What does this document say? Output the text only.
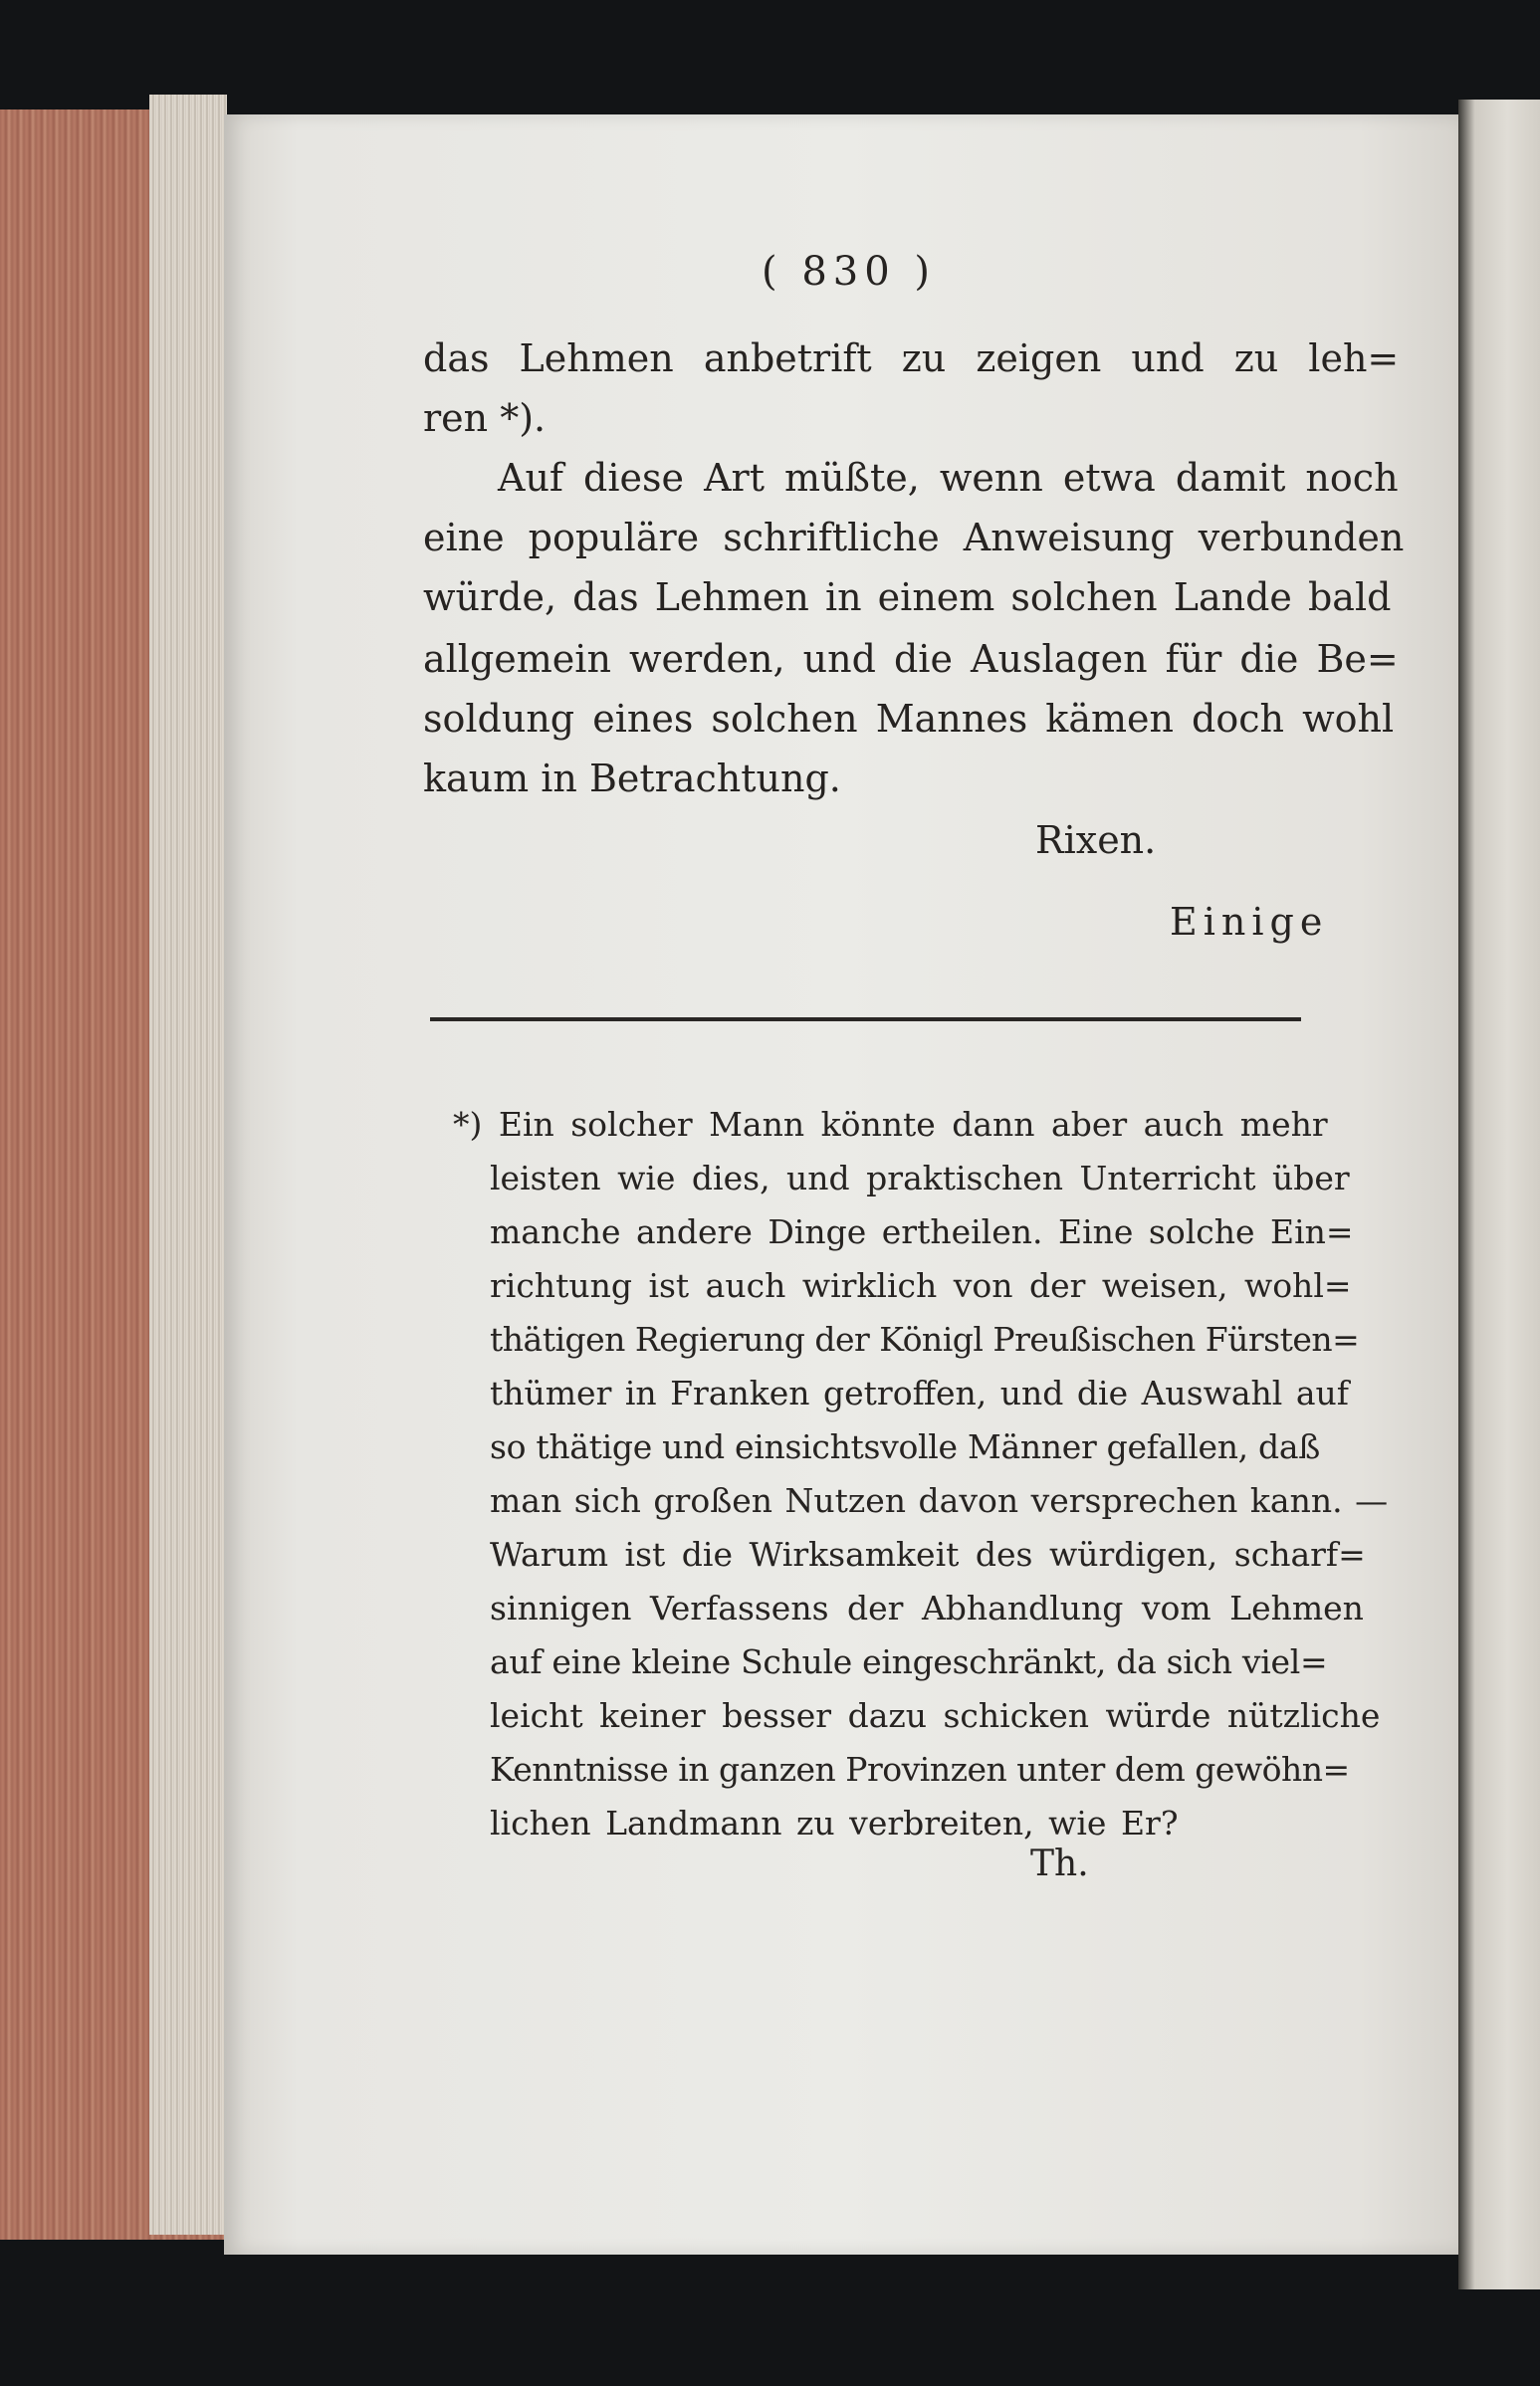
( 830 )
das Lehmen anbetrift zu zeigen und zu leh=
ren *).
Auf diese Art müßte, wenn etwa damit noch
eine populäre schriftliche Anweisung verbunden
würde, das Lehmen in einem solchen Lande bald
allgemein werden, und die Auslagen für die Be=
soldung eines solchen Mannes kämen doch wohl
kaum in Betrachtung.
Rixen.
Einige
*) Ein solcher Mann könnte dann aber auch mehr
leisten wie dies, und praktischen Unterricht über
manche andere Dinge ertheilen. Eine solche Ein=
richtung ist auch wirklich von der weisen, wohl=
thätigen Regierung der Königl Preußischen Fürsten=
thümer in Franken getroffen, und die Auswahl auf
so thätige und einsichtsvolle Männer gefallen, daß
man sich großen Nutzen davon versprechen kann. —
Warum ist die Wirksamkeit des würdigen, scharf=
sinnigen Verfassens der Abhandlung vom Lehmen
auf eine kleine Schule eingeschränkt, da sich viel=
leicht keiner besser dazu schicken würde nützliche
Kenntnisse in ganzen Provinzen unter dem gewöhn=
lichen Landmann zu verbreiten, wie Er?
Th.
